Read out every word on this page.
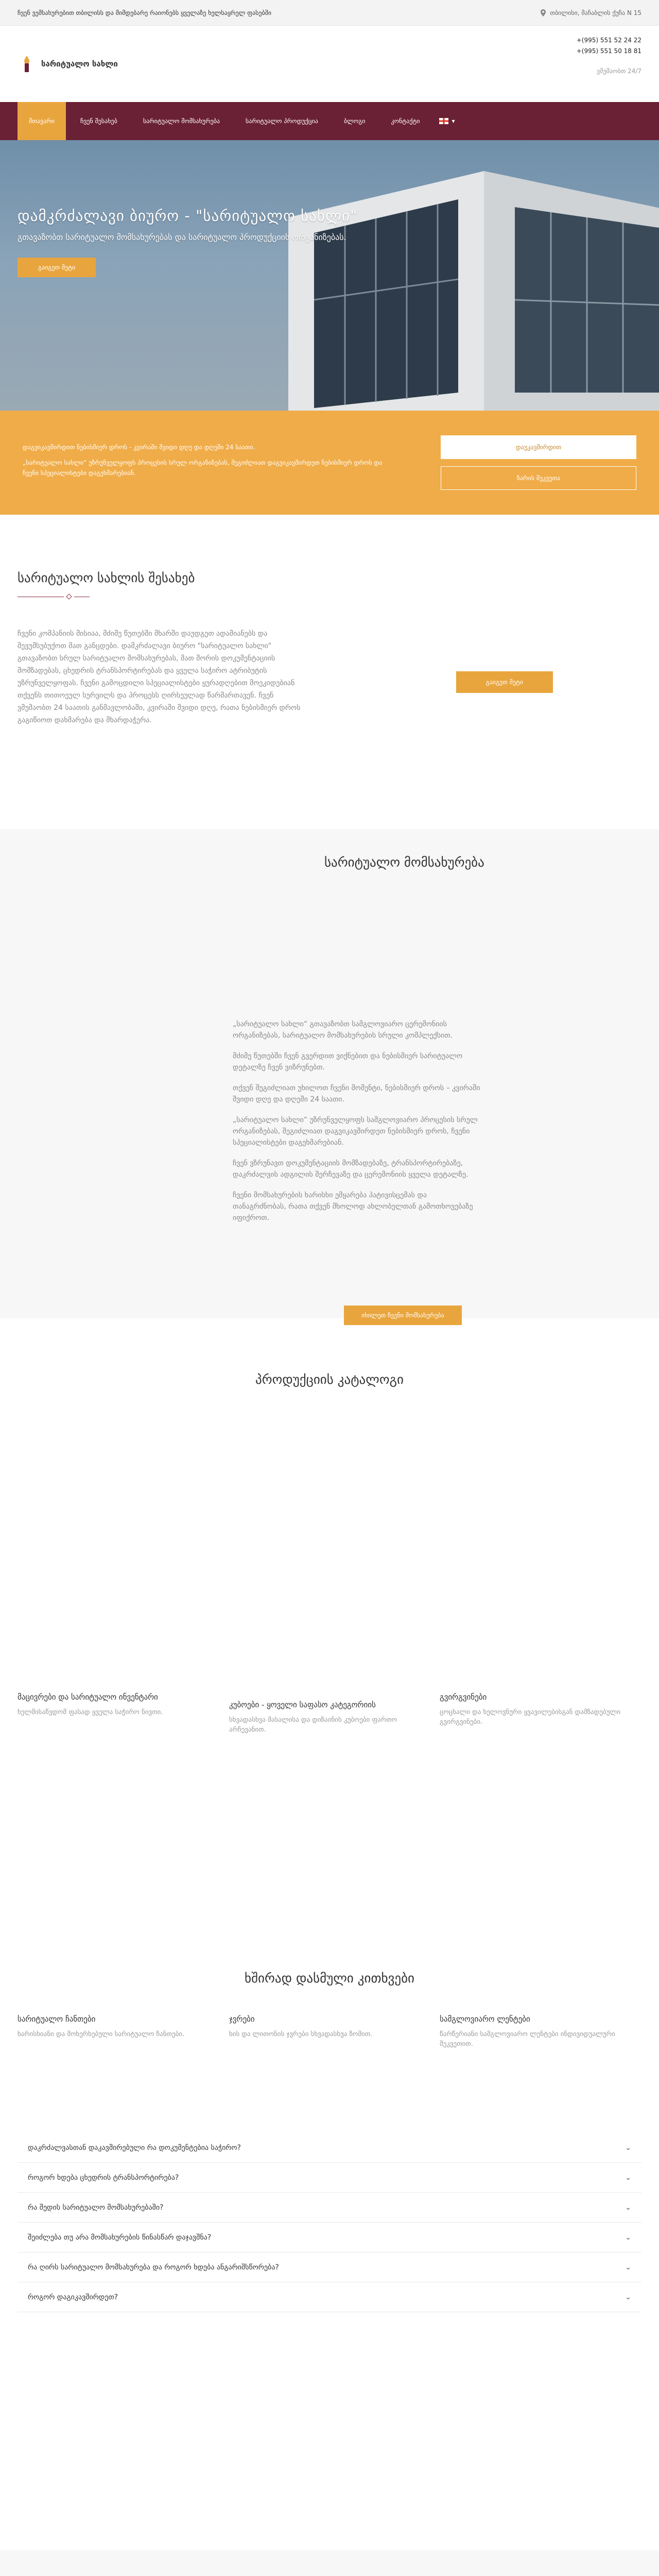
ჩვენ ვემსახურებით თბილისს და მიმდებარე რაიონებს ყველაზე ხელსაყრელ ფასებში	თბილისი, მაჩაბლის ქუჩა N 15
სარიტუალო სახლი
+(995) 551 52 24 22
+(995) 551 50 18 81
ვმუშაობთ 24/7
მთავარი	ჩვენ შესახებ	სარიტუალო მომსახურება	სარიტუალო პროდუქცია	ბლოგი	კონტაქტი	▾
დამკრძალავი ბიურო - "სარიტუალო სახლი"

გთავაზობთ სარიტუალო მომსახურებას და სარიტუალო პროდუქციის ორგანიზებას.

გაიგეთ მეტი

დაგვიკავშირდით ნებისმიერ დროს - კვირაში შვიდი დღე და დღეში 24 საათი.

„სარიტუალო სახლი“ უზრუნველყოფს პროცესის სრულ ორგანიზებას, შეგიძლიათ დაგვიკავშირდეთ ნებისმიერ დროს და ჩვენი სპეციალისტები დაგეხმარებიან.

დაუკავშირდით
ზარის შეკვეთა
სარიტუალო სახლის შესახებ

ჩვენი კომპანიის მისიაა, მძიმე წუთებში მხარში დაუდგეთ ადამიანებს და შევუმსუბუქოთ მათ განცდები. დამკრძალავი ბიურო "სარიტუალო სახლი" გთავაზობთ სრულ სარიტუალო მომსახურებას, მათ შორის დოკუმენტაციის მომზადებას, ცხედრის ტრანსპორტირებას და ყველა საჭირო ატრიბუტის უზრუნველყოფას. ჩვენი გამოცდილი სპეციალისტები ყურადღებით მოეკიდებიან თქვენს თითოეულ სურვილს და პროცესს ღირსეულად წარმართავენ. ჩვენ ვმუშაობთ 24 საათის განმავლობაში, კვირაში შვიდი დღე, რათა ნებისმიერ დროს გაგიწიოთ დახმარება და მხარდაჭერა.

გაიგეთ მეტი
სარიტუალო მომსახურება

„სარიტუალო სახლი“ გთავაზობთ სამგლოვიარო ცერემონიის ორგანიზებას, სარიტუალო მომსახურების სრული კომპლექსით.

მძიმე წუთებში ჩვენ გვერდით ვიქნებით და ნებისმიერ სარიტუალო დეტალზე ჩვენ ვიზრუნებთ.

თქვენ შეგიძლიათ უხილოთ ჩვენი მომენტი, ნებისმიერ დროს – კვირაში შვიდი დღე და დღეში 24 საათი.

„სარიტუალო სახლი“ უზრუნველყოფს სამგლოვიარო პროცესის სრულ ორგანიზებას, შეგიძლიათ დაგვიკავშირდეთ ნებისმიერ დროს, ჩვენი სპეციალისტები დაგეხმარებიან.

ჩვენ ვზრუნავთ დოკუმენტაციის მომზადებაზე, ტრანსპორტირებაზე, დაკრძალვის ადგილის შერჩევაზე და ცერემონიის ყველა დეტალზე.

ჩვენი მომსახურების ხარისხი ემყარება პატივისცემას და თანაგრძნობას, რათა თქვენ მხოლოდ ახლობელთან გამოთხოვებაზე იფიქროთ.

იხილეთ ჩვენი მომსახურება
პროდუქციის კატალოგი
მაცივრები და სარიტუალო ინვენტარი
ხელმისაწვდომ ფასად ყველა საჭირო ნივთი.
კუბოები - ყოველი საფასო კატეგორიის
სხვადასხვა მასალისა და დიზაინის კუბოები ფართო არჩევანით.
გვირგვინები
ცოცხალი და ხელოვნური ყვავილებისგან დამზადებული გვირგვინები.
სარიტუალო ჩანთები
ხარისხიანი და მოხერხებული სარიტუალო ჩანთები.
ჯვრები
ხის და ლითონის ჯვრები სხვადასხვა ზომით.
სამგლოვიარო ლენტები
წარწერიანი სამგლოვიარო ლენტები ინდივიდუალური შეკვეთით.
ხშირად დასმული კითხვები
დაკრძალვასთან დაკავშირებული რა დოკუმენტებია საჭირო?	⌄
როგორ ხდება ცხედრის ტრანსპორტირება?	⌄
რა შედის სარიტუალო მომსახურებაში?	⌄
შეიძლება თუ არა მომსახურების წინასწარ დაჯავშნა?	⌄
რა ღირს სარიტუალო მომსახურება და როგორ ხდება ანგარიშსწორება?	⌄
როგორ დაგიკავშირდეთ?	⌄
